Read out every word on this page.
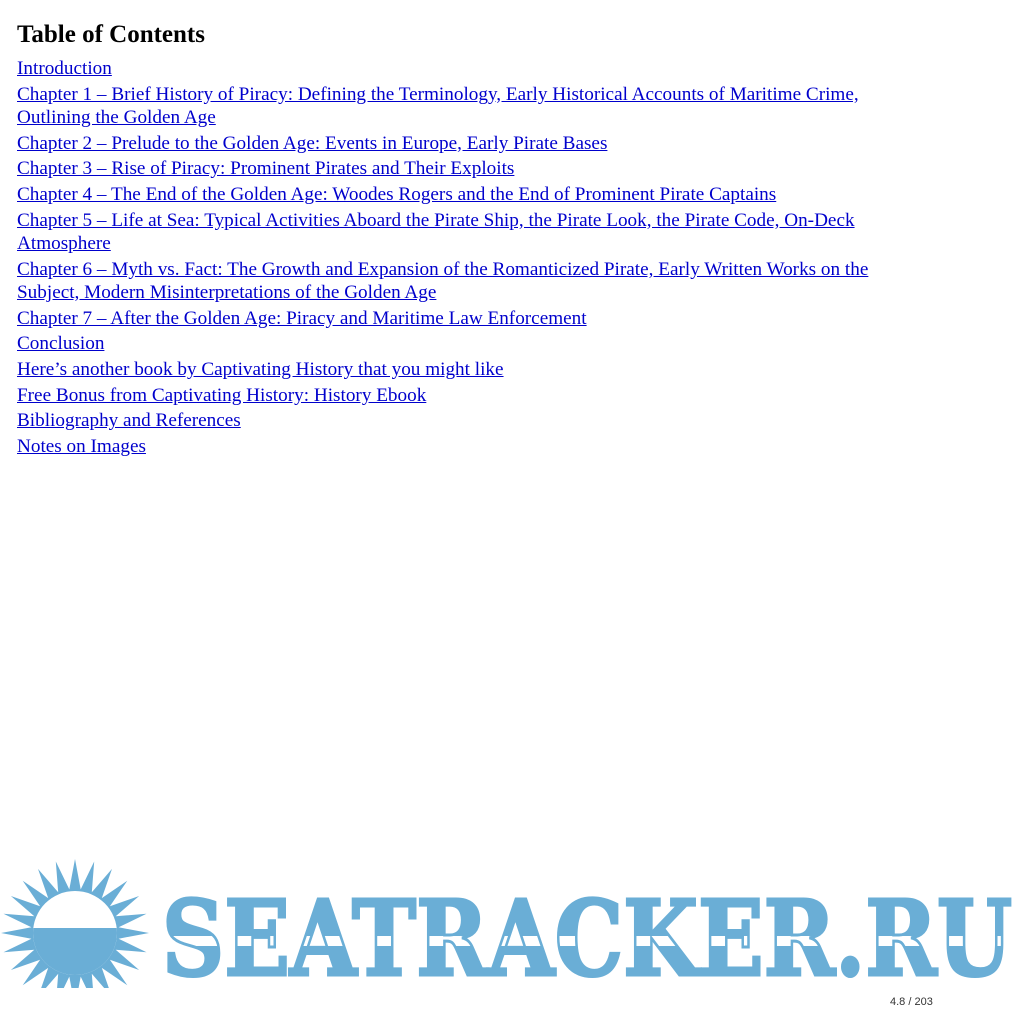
Table of Contents
Introduction
Chapter 1 – Brief History of Piracy: Defining the Terminology, Early Historical Accounts of Maritime Crime, Outlining the Golden Age
Chapter 2 – Prelude to the Golden Age: Events in Europe, Early Pirate Bases
Chapter 3 – Rise of Piracy: Prominent Pirates and Their Exploits
Chapter 4 – The End of the Golden Age: Woodes Rogers and the End of Prominent Pirate Captains
Chapter 5 – Life at Sea: Typical Activities Aboard the Pirate Ship, the Pirate Look, the Pirate Code, On-Deck Atmosphere
Chapter 6 – Myth vs. Fact: The Growth and Expansion of the Romanticized Pirate, Early Written Works on the Subject, Modern Misinterpretations of the Golden Age
Chapter 7 – After the Golden Age: Piracy and Maritime Law Enforcement
Conclusion
Here’s another book by Captivating History that you might like
Free Bonus from Captivating History: History Ebook
Bibliography and References
Notes on Images
SEATRACKER.RU
4.8 / 203
